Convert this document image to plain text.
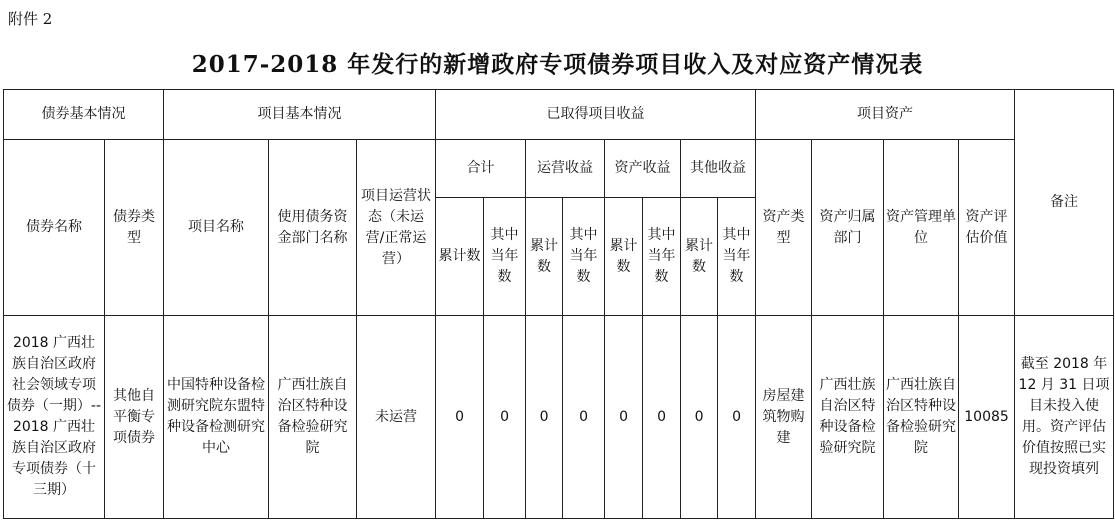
附件 2
2017-2018 年发行的新增政府专项债券项目收入及对应资产情况表
债券基本情况		项目基本情况			已取得项目收益								项目资产				备注
债券名称	债券类型	项目名称	使用债务资金部门名称	项目运营状态（未运营/正常运营）	合计		运营收益		资产收益		其他收益		资产类型	资产归属部门	资产管理单位	资产评估价值	
					累计数	其中当年数	累计数	其中当年数	累计数	其中当年数	累计数	其中当年数					
2018 广西壮族自治区政府社会领域专项债券（一期）--2018 广西壮族自治区政府专项债券（十三期）	其他自平衡专项债券	中国特种设备检测研究院东盟特种设备检测研究中心	广西壮族自治区特种设备检验研究院	未运营	0	0	0	0	0	0	0	0	房屋建筑物购建	广西壮族自治区特种设备检验研究院	广西壮族自治区特种设备检验研究院	10085	截至 2018 年 12 月 31 日项目未投入使用。资产评估价值按照已实现投资填列
